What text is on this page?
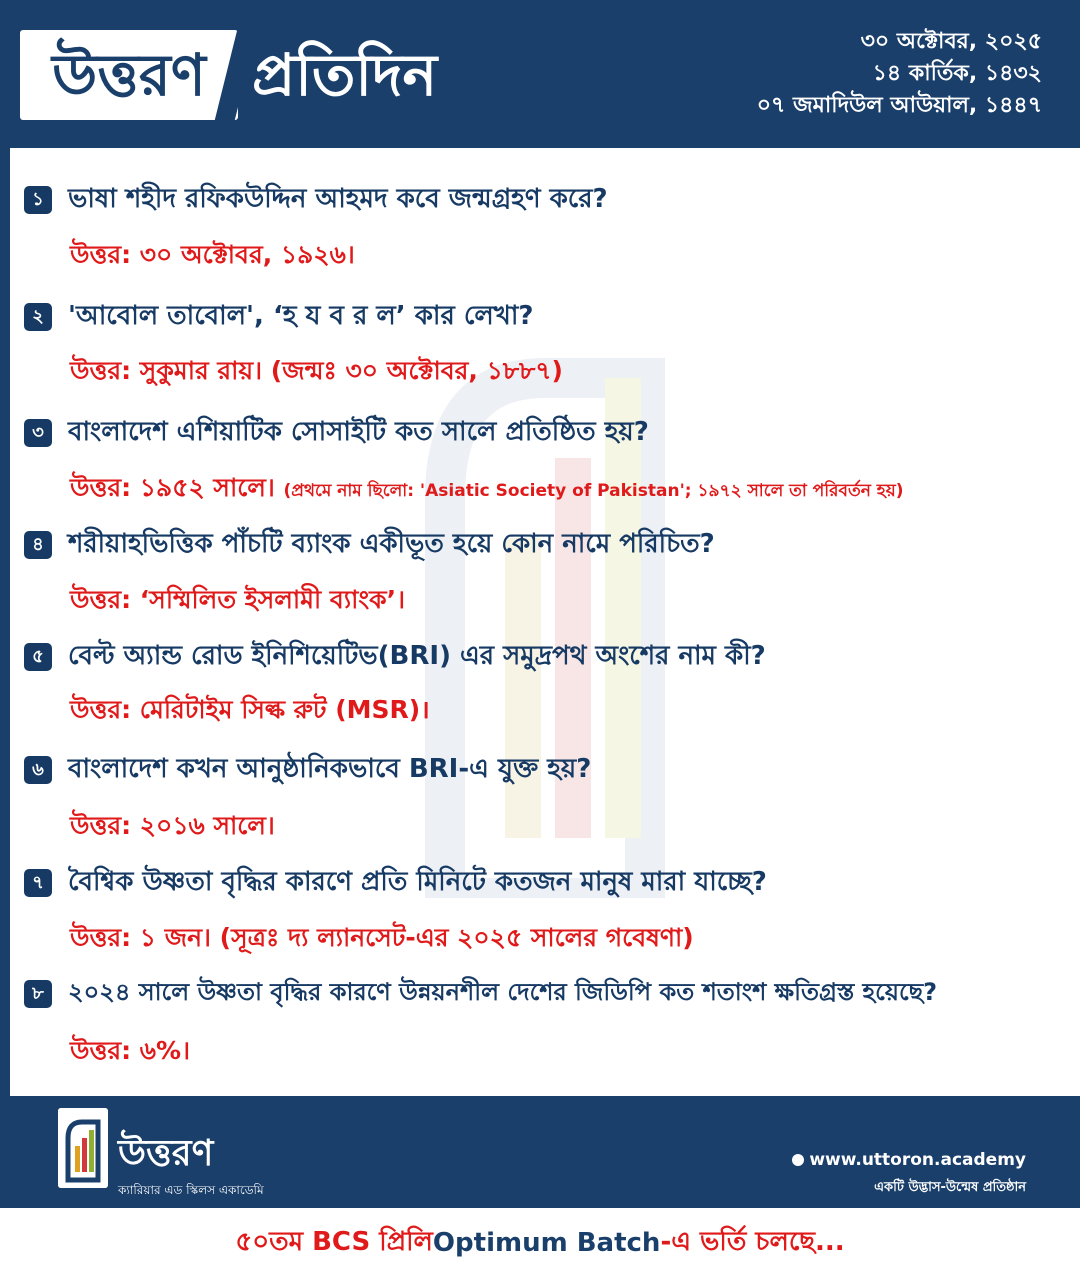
উত্তরণ প্রতিদিন	৩০ অক্টোবর, ২০২৫
১৪ কার্তিক, ১৪৩২
০৭ জমাদিউল আউয়াল, ১৪৪৭
১ ভাষা শহীদ রফিকউদ্দিন আহমদ কবে জন্মগ্রহণ করে?
উত্তর: ৩০ অক্টোবর, ১৯২৬।
২ 'আবোল তাবোল', ‘হ য ব র ল’ কার লেখা?
উত্তর: সুকুমার রায়। (জন্মঃ ৩০ অক্টোবর, ১৮৮৭)
৩ বাংলাদেশ এশিয়াটিক সোসাইটি কত সালে প্রতিষ্ঠিত হয়?
উত্তর: ১৯৫২ সালে। (প্রথমে নাম ছিলো: 'Asiatic Society of Pakistan'; ১৯৭২ সালে তা পরিবর্তন হয়)
৪ শরীয়াহভিত্তিক পাঁচটি ব্যাংক একীভূত হয়ে কোন নামে পরিচিত?
উত্তর: ‘সম্মিলিত ইসলামী ব্যাংক’।
৫ বেল্ট অ্যান্ড রোড ইনিশিয়েটিভ(BRI) এর সমুদ্রপথ অংশের নাম কী?
উত্তর: মেরিটাইম সিল্ক রুট (MSR)।
৬ বাংলাদেশ কখন আনুষ্ঠানিকভাবে BRI-এ যুক্ত হয়?
উত্তর: ২০১৬ সালে।
৭ বৈশ্বিক উষ্ণতা বৃদ্ধির কারণে প্রতি মিনিটে কতজন মানুষ মারা যাচ্ছে?
উত্তর: ১ জন। (সূত্রঃ দ্য ল্যানসেট-এর ২০২৫ সালের গবেষণা)
৮	২০২৪ সালে উষ্ণতা বৃদ্ধির কারণে উন্নয়নশীল দেশের জিডিপি কত শতাংশ ক্ষতিগ্রস্ত হয়েছে?
উত্তর: ৬%।
উত্তরণ
ক্যারিয়ার এড স্কিলস একাডেমি
www.uttoron.academy
একটি উদ্ভাস-উন্মেষ প্রতিষ্ঠান
৫০তম BCS প্রিলি Optimum Batch -এ ভর্তি চলছে...
